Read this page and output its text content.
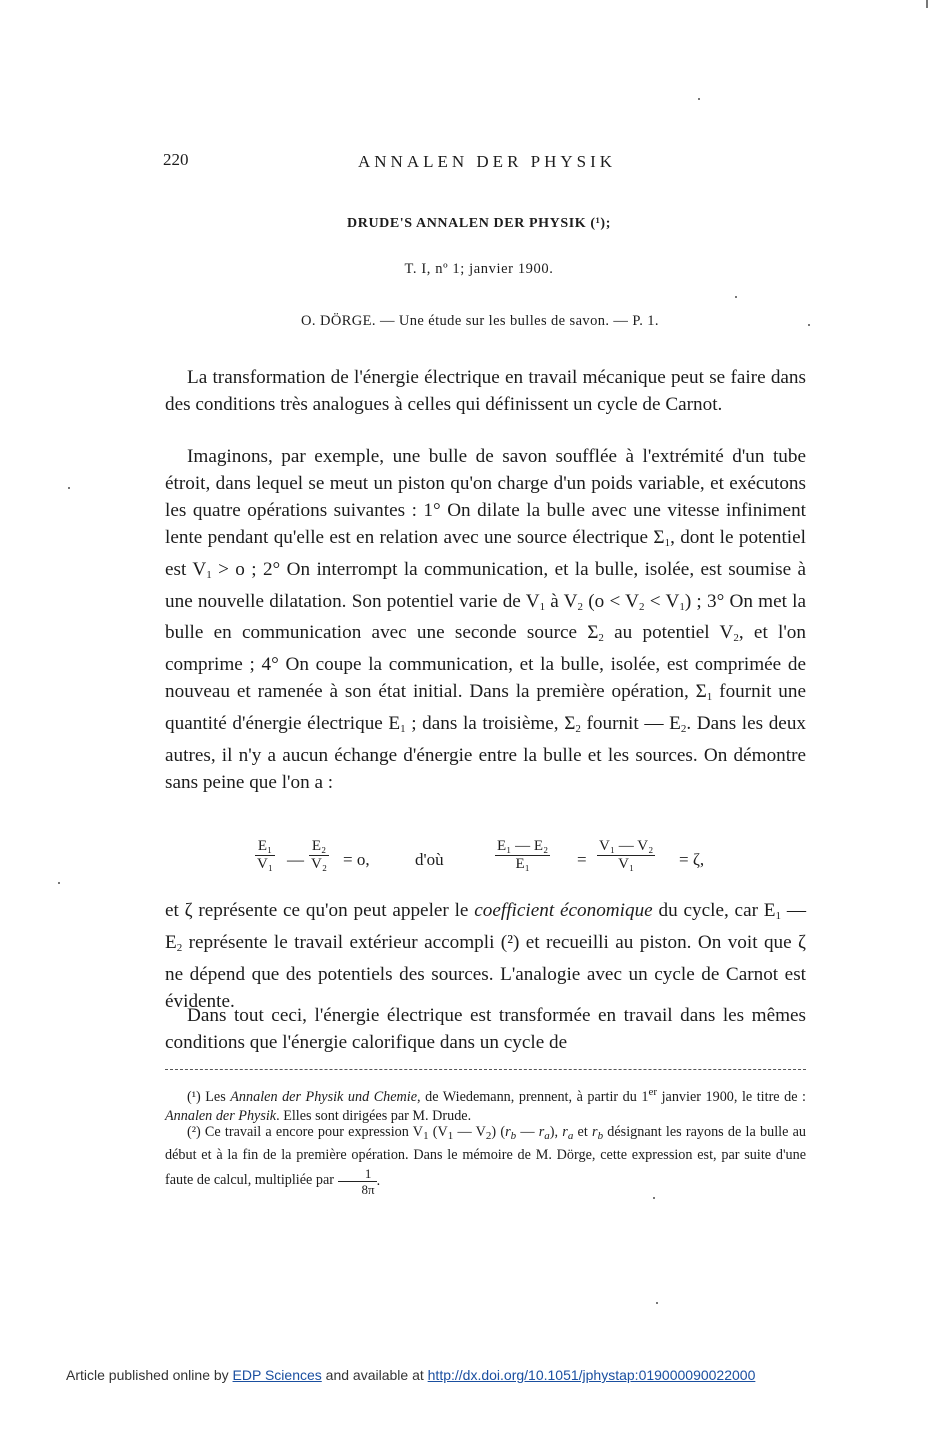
220	ANNALEN DER PHYSIK
DRUDE'S ANNALEN DER PHYSIK (¹);
T. I, nº 1; janvier 1900.
O. DÖRGE. — Une étude sur les bulles de savon. — P. 1.

La transformation de l'énergie électrique en travail mécanique peut se faire dans des conditions très analogues à celles qui définissent un cycle de Carnot.

Imaginons, par exemple, une bulle de savon soufflée à l'extrémité d'un tube étroit, dans lequel se meut un piston qu'on charge d'un poids variable, et exécutons les quatre opérations suivantes : 1° On dilate la bulle avec une vitesse infiniment lente pendant qu'elle est en relation avec une source électrique $\Sigma_1$, dont le potentiel est $V_1 > o$ ; 2° On interrompt la communication, et la bulle, isolée, est soumise à une nouvelle dilatation. Son potentiel varie de $V_1$ à $V_2$ $(o < V_2 < V_1)$ ; 3° On met la bulle en communication avec une seconde source $\Sigma_2$ au potentiel $V_2$, et l'on comprime ; 4° On coupe la communication, et la bulle, isolée, est comprimée de nouveau et ramenée à son état initial. Dans la première opération, $\Sigma_1$ fournit une quantité d'énergie électrique $E_1$ ; dans la troisième, $\Sigma_2$ fournit — $E_2$. Dans les deux autres, il n'y a aucun échange d'énergie entre la bulle et les sources. On démontre sans peine que l'on a :

$\frac{\text{E₁}}{\text{V₁}}$ — $\frac{\text{E₂}}{\text{V₂}} = o$,	d'où	$\frac{\text{E₁ — E₂}}{\text{E₁}} = \frac{\text{V₁ — V₂}}{\text{V₁}} = \zeta$,

et ζ représente ce qu'on peut appeler le coefficient économique du cycle, car $E_1$ — $E_2$ représente le travail extérieur accompli (²) et recueilli au piston. On voit que ζ ne dépend que des potentiels des sources. L'analogie avec un cycle de Carnot est évidente.

Dans tout ceci, l'énergie électrique est transformée en travail dans les mêmes conditions que l'énergie calorifique dans un cycle de

(¹) Les Annalen der Physik und Chemie, de Wiedemann, prennent, à partir du 1er janvier 1900, le titre de : Annalen der Physik. Elles sont dirigées par M. Drude.

(²) Ce travail a encore pour expression $V_1$ ($V_1$ — $V_2$) ($r_b$ — $r_a$), $r_a$ et $r_b$ désignant les rayons de la bulle au début et à la fin de la première opération. Dans le mémoire de M. Dörge, cette expression est, par suite d'une faute de calcul, multipliée par $\frac{1}{8\pi}$ .

Article published online by EDP Sciences and available at http://dx.doi.org/10.1051/jphystap:019000090022000
